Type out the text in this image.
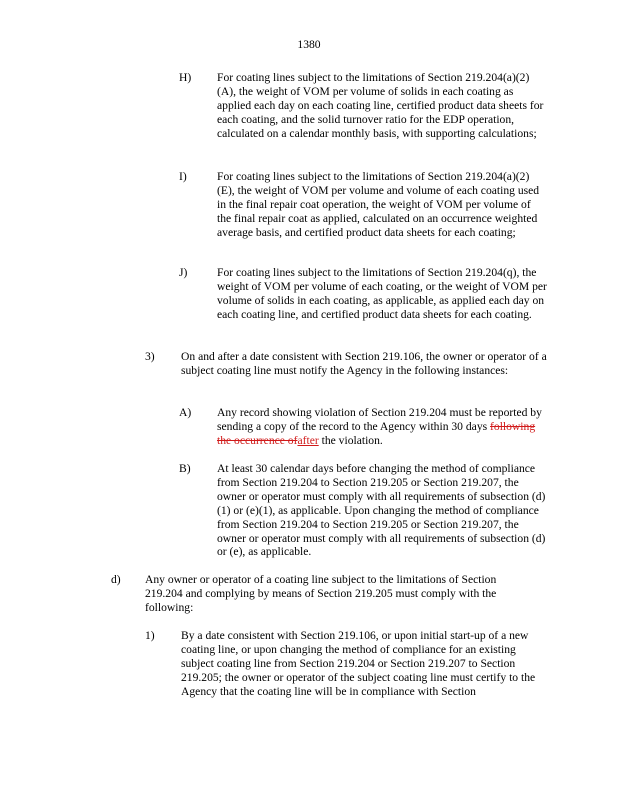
1380
H) For coating lines subject to the limitations of Section 219.204(a)(2)(A), the weight of VOM per volume of solids in each coating as applied each day on each coating line, certified product data sheets for each coating, and the solid turnover ratio for the EDP operation, calculated on a calendar monthly basis, with supporting calculations;
I)	For coating lines subject to the limitations of Section 219.204(a)(2)(E), the weight of VOM per volume and volume of each coating used in the final repair coat operation, the weight of VOM per volume of the final repair coat as applied, calculated on an occurrence weighted average basis, and certified product data sheets for each coating;
J)	For coating lines subject to the limitations of Section 219.204(q), the weight of VOM per volume of each coating, or the weight of VOM per volume of solids in each coating, as applicable, as applied each day on each coating line, and certified product data sheets for each coating.
3) On and after a date consistent with Section 219.106, the owner or operator of a subject coating line must notify the Agency in the following instances:
A) Any record showing violation of Section 219.204 must be reported by sending a copy of the record to the Agency within 30 days following the occurrence ofafter the violation.
B) At least 30 calendar days before changing the method of compliance from Section 219.204 to Section 219.205 or Section 219.207, the owner or operator must comply with all requirements of subsection (d)(1) or (e)(1), as applicable. Upon changing the method of compliance from Section 219.204 to Section 219.205 or Section 219.207, the owner or operator must comply with all requirements of subsection (d) or (e), as applicable.
d) Any owner or operator of a coating line subject to the limitations of Section 219.204 and complying by means of Section 219.205 must comply with the following:
1) By a date consistent with Section 219.106, or upon initial start-up of a new coating line, or upon changing the method of compliance for an existing subject coating line from Section 219.204 or Section 219.207 to Section 219.205; the owner or operator of the subject coating line must certify to the Agency that the coating line will be in compliance with Section
